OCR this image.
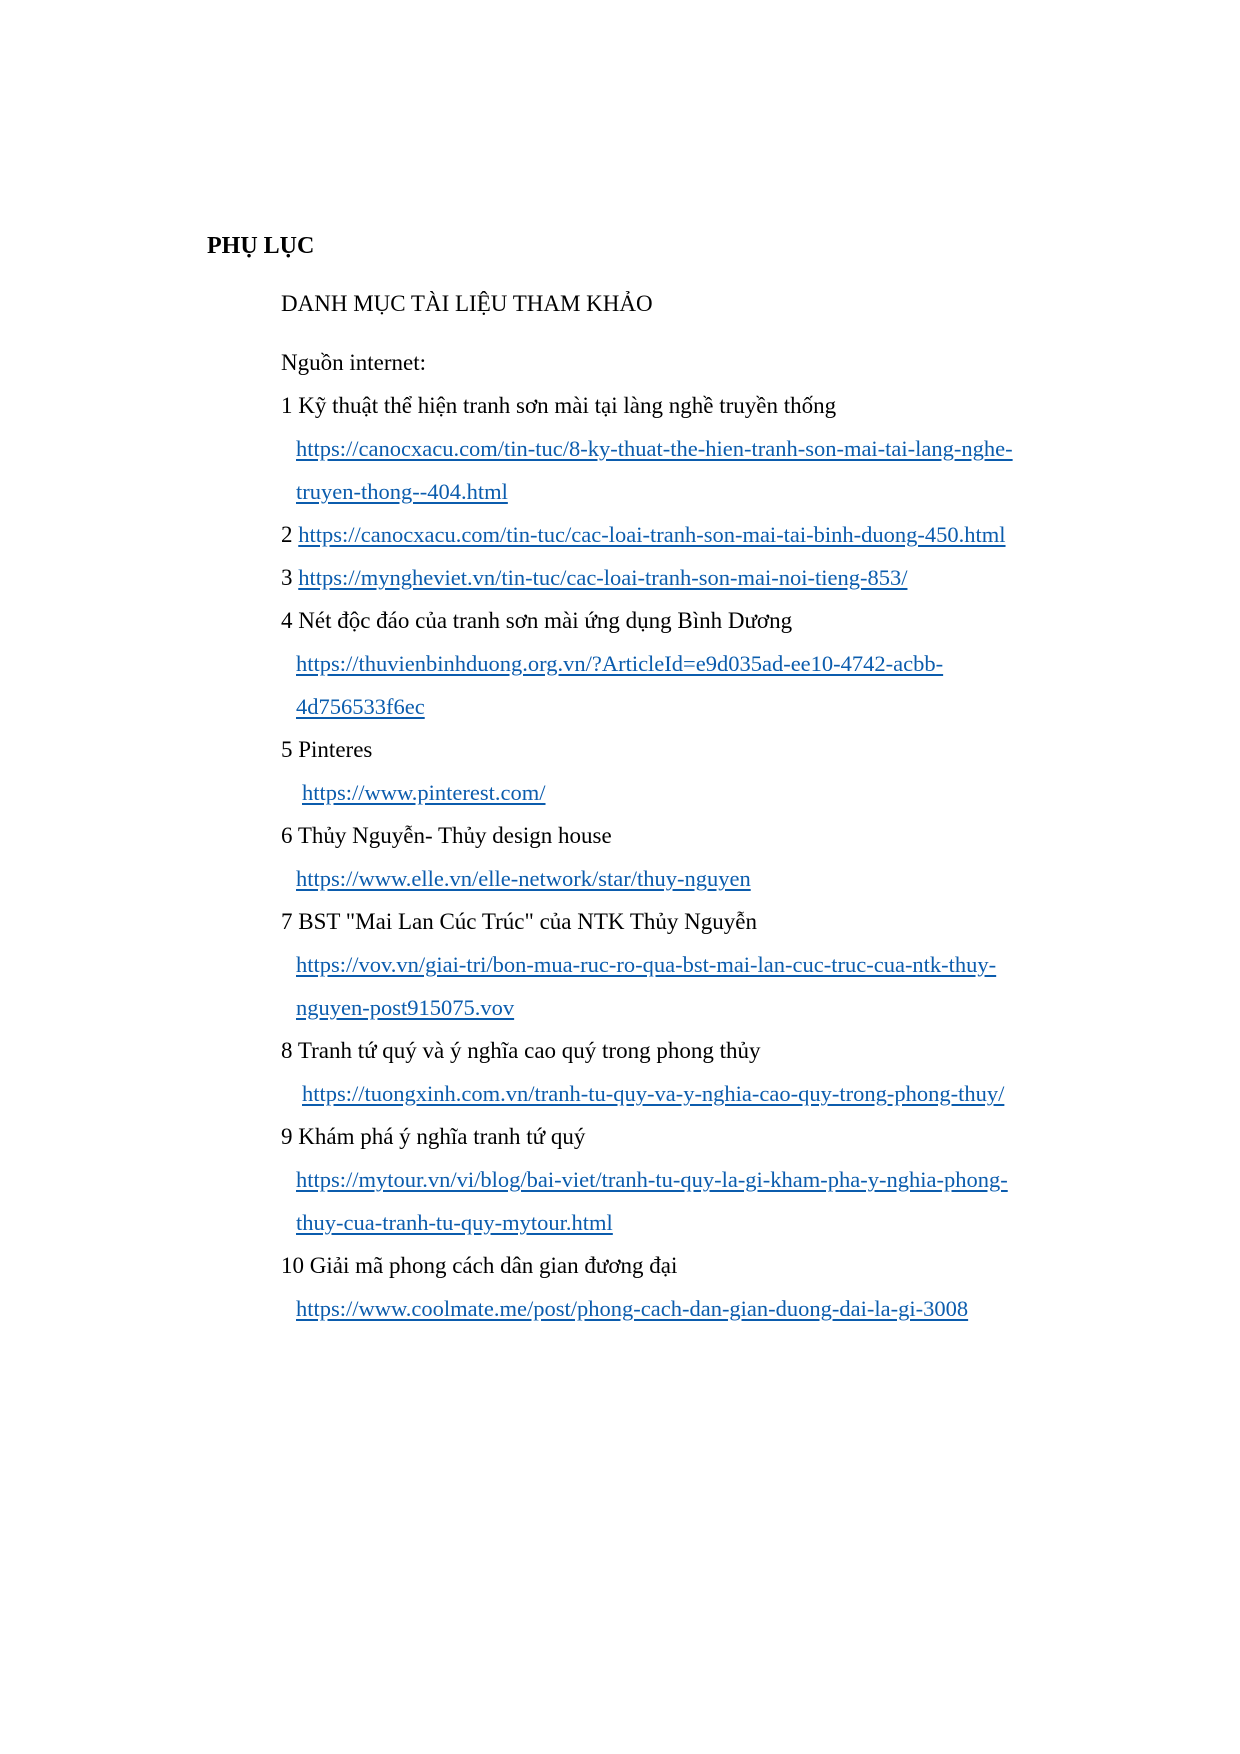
PHỤ LỤC
DANH MỤC TÀI LIỆU THAM KHẢO
Nguồn internet:
1 Kỹ thuật thể hiện tranh sơn mài tại làng nghề truyền thống
https://canocxacu.com/tin-tuc/8-ky-thuat-the-hien-tranh-son-mai-tai-lang-nghe-
truyen-thong--404.html
2 https://canocxacu.com/tin-tuc/cac-loai-tranh-son-mai-tai-binh-duong-450.html
3 https://myngheviet.vn/tin-tuc/cac-loai-tranh-son-mai-noi-tieng-853/
4 Nét độc đáo của tranh sơn mài ứng dụng Bình Dương
https://thuvienbinhduong.org.vn/?ArticleId=e9d035ad-ee10-4742-acbb-
4d756533f6ec
5 Pinteres
https://www.pinterest.com/
6 Thủy Nguyễn- Thủy design house
https://www.elle.vn/elle-network/star/thuy-nguyen
7 BST "Mai Lan Cúc Trúc" của NTK Thủy Nguyễn
https://vov.vn/giai-tri/bon-mua-ruc-ro-qua-bst-mai-lan-cuc-truc-cua-ntk-thuy-
nguyen-post915075.vov
8 Tranh tứ quý và ý nghĩa cao quý trong phong thủy
https://tuongxinh.com.vn/tranh-tu-quy-va-y-nghia-cao-quy-trong-phong-thuy/
9 Khám phá ý nghĩa tranh tứ quý
https://mytour.vn/vi/blog/bai-viet/tranh-tu-quy-la-gi-kham-pha-y-nghia-phong-
thuy-cua-tranh-tu-quy-mytour.html
10 Giải mã phong cách dân gian đương đại
https://www.coolmate.me/post/phong-cach-dan-gian-duong-dai-la-gi-3008
